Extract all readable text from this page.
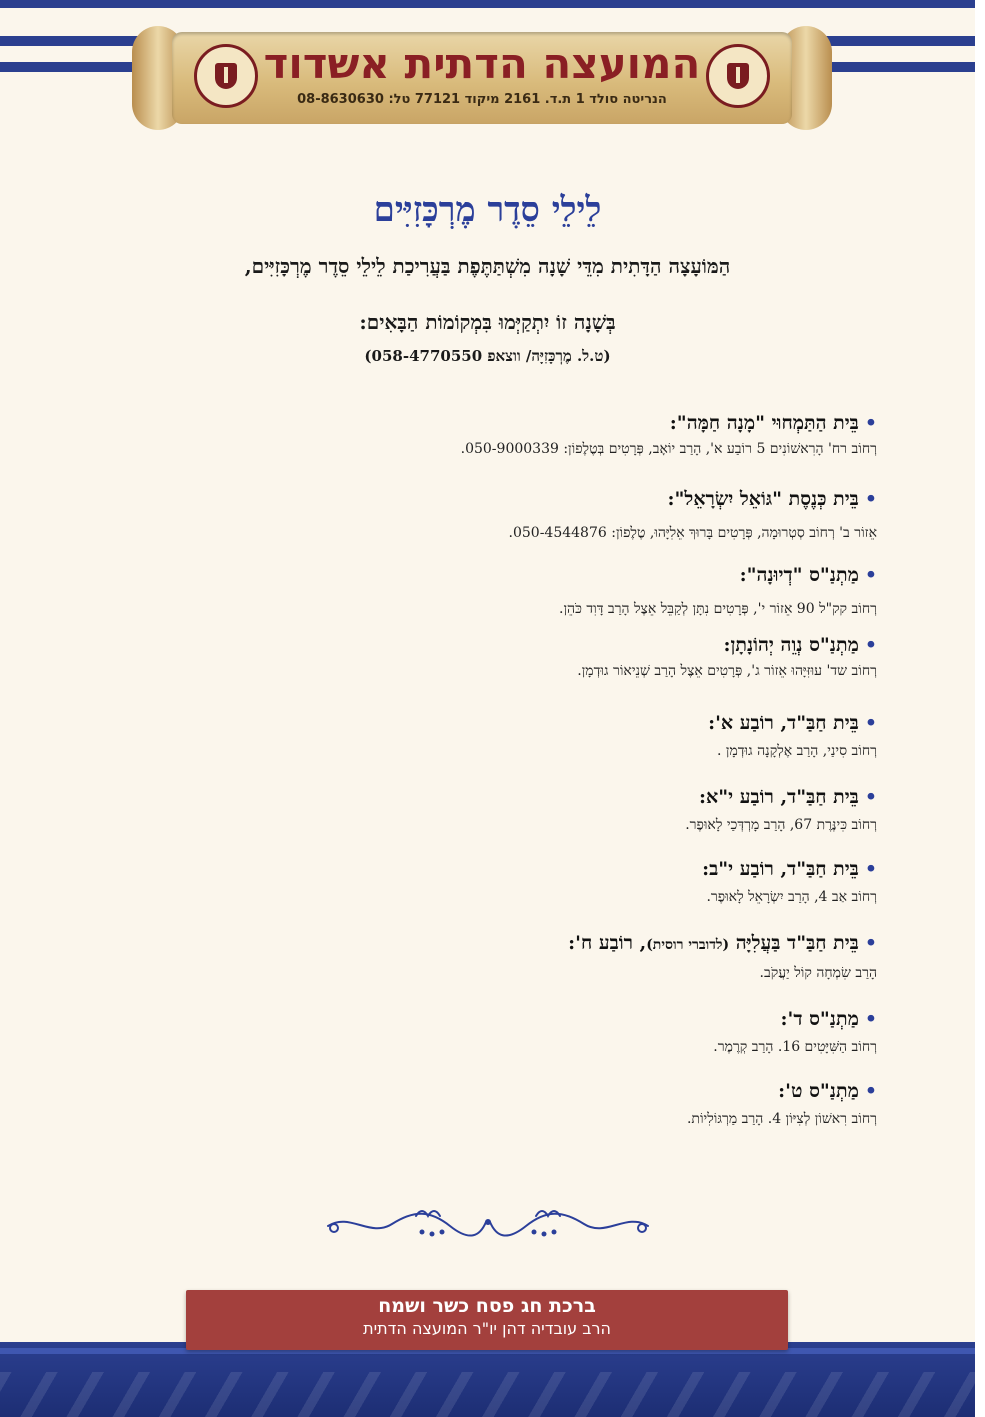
המועצה הדתית אשדוד
הנריטה סולד 1 ת.ד. 2161 מיקוד 77121 טל: 08-8630630
לֵילֵי סֵדֶר מֶרְכָּזִיִּים
הַמּוֹעָצָה הַדָּתִית מִדֵּי שָׁנָה מִשְׁתַּתֶּפֶת בַּעֲרִיכַת לֵילֵי סֵדֶר מֶרְכָּזִיִּים,
בְּשָׁנָה זוֹ יִתְקַיְּמוּ בִּמְקוֹמוֹת הַבָּאִים:
(ט.ל. מֶרְכָּזִיָּה/ ווצאפ 058-4770550)
•בֵּית הַתַּמְחוּי "מָנָה חַמָּה":
רְחוֹב רח' הָרִאשׁוֹנִים 5 רוֹבַע א', הָרַב יוֹאָב, פְּרָטִים בְּטֶלֶפוֹן: 050-9000339.
•בֵּית כְּנֶסֶת "גּוֹאֵל יִשְׂרָאֵל":
אֵזוֹר ב' רְחוֹב סְטְרוּמָה, פְּרָטִים בָּרוּךְ אֵלִיָּהוּ, טֶלֶפוֹן: 050-4544876.
•מַתְנַ"ס "דְיוּנָה":
רְחוֹב קק"ל 90 אֵזוֹר י', פְּרָטִים נִתָּן לְקַבֵּל אֵצֶל הָרַב דָּוִד כֹּהֵן.
•מַתְנַ"ס נְוֵה יְהוֹנָתָן:
רְחוֹב שד' עוּזִּיָּהוּ אֵזוֹר ג', פְּרָטִים אֵצֶל הָרַב שְׁנֵיאוֹר גוּדְמָן.
•בֵּית חַבַּ"ד, רוֹבַע א':
רְחוֹב סִינַי, הָרַב אֶלְקָנָה גוּדְמָן .
•בֵּית חַבַּ"ד, רוֹבַע י"א:
רְחוֹב כִּינֶּרֶת 67, הָרַב מָרְדְּכַי לָאוּפֶר.
•בֵּית חַבַּ"ד, רוֹבַע י"ב:
רְחוֹב אַב 4, הָרַב יִשְׂרָאֵל לָאוּפֶר.
•בֵּית חַבַּ"ד בַּעֲלִיָּה (לדוברי רוסית), רוֹבַע ח':
הָרַב שִׂמְחָה קוֹל יַעֲקֹב.
•מַתְנַ"ס ד':
רְחוֹב הַשִּׁיָּטִים 16. הָרַב קְרֶמֶר.
•מַתְנַ"ס ט':
רְחוֹב רִאשׁוֹן לְצִיּוֹן 4. הָרַב מַרְגּוֹלִיוֹת.
ברכת חג פסח כשר ושמח
הרב עובדיה דהן יו"ר המועצה הדתית
